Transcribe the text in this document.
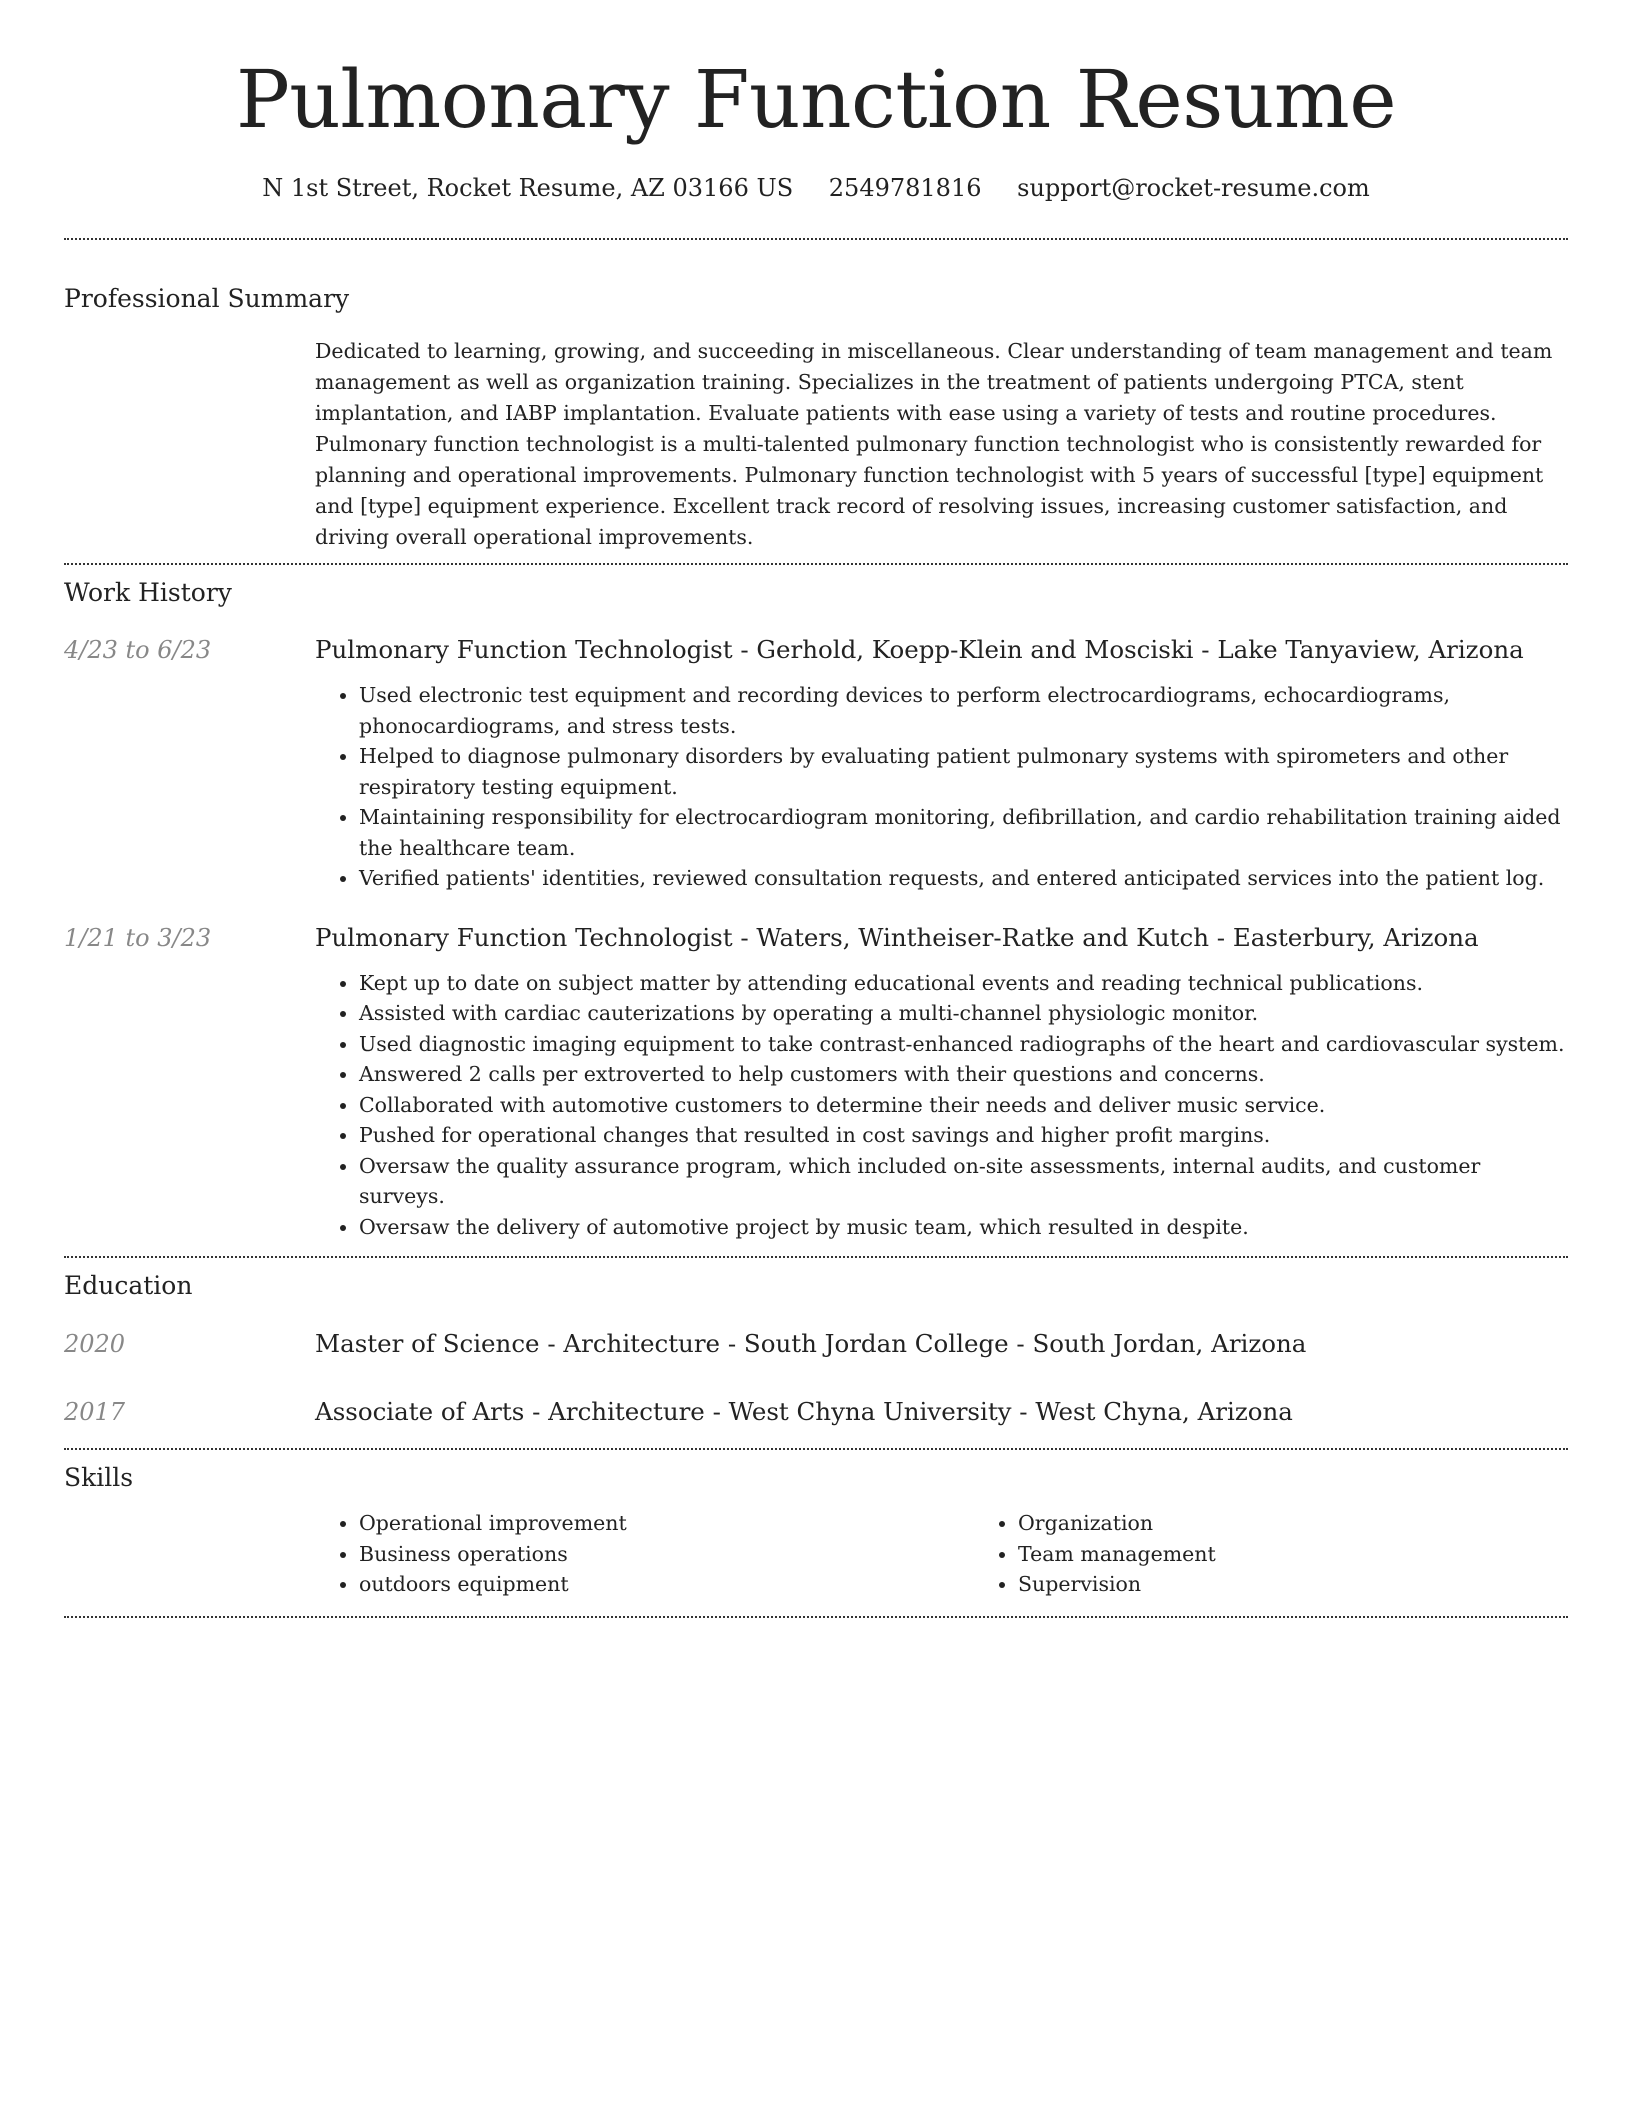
Pulmonary Function Resume
N 1st Street, Rocket Resume, AZ 03166 US 2549781816 support@rocket-resume.com
Professional Summary
Dedicated to learning, growing, and succeeding in miscellaneous. Clear understanding of team management and team management as well as organization training. Specializes in the treatment of patients undergoing PTCA, stent implantation, and IABP implantation. Evaluate patients with ease using a variety of tests and routine procedures. Pulmonary function technologist is a multi-talented pulmonary function technologist who is consistently rewarded for planning and operational improvements. Pulmonary function technologist with 5 years of successful [type] equipment and [type] equipment experience. Excellent track record of resolving issues, increasing customer satisfaction, and driving overall operational improvements.
Work History
4/23 to 6/23	Pulmonary Function Technologist - Gerhold, Koepp-Klein and Mosciski - Lake Tanyaview, Arizona
• Used electronic test equipment and recording devices to perform electrocardiograms, echocardiograms, phonocardiograms, and stress tests.
• Helped to diagnose pulmonary disorders by evaluating patient pulmonary systems with spirometers and other respiratory testing equipment.
• Maintaining responsibility for electrocardiogram monitoring, defibrillation, and cardio rehabilitation training aided the healthcare team.
• Verified patients' identities, reviewed consultation requests, and entered anticipated services into the patient log.
1/21 to 3/23	Pulmonary Function Technologist - Waters, Wintheiser-Ratke and Kutch - Easterbury, Arizona
• Kept up to date on subject matter by attending educational events and reading technical publications.
• Assisted with cardiac cauterizations by operating a multi-channel physiologic monitor.
• Used diagnostic imaging equipment to take contrast-enhanced radiographs of the heart and cardiovascular system.
• Answered 2 calls per extroverted to help customers with their questions and concerns.
• Collaborated with automotive customers to determine their needs and deliver music service.
• Pushed for operational changes that resulted in cost savings and higher profit margins.
• Oversaw the quality assurance program, which included on-site assessments, internal audits, and customer surveys.
• Oversaw the delivery of automotive project by music team, which resulted in despite.
Education
2020	Master of Science - Architecture - South Jordan College - South Jordan, Arizona
2017	Associate of Arts - Architecture - West Chyna University - West Chyna, Arizona
Skills
• Operational improvement
• Business operations
• outdoors equipment
• Organization
• Team management
• Supervision
